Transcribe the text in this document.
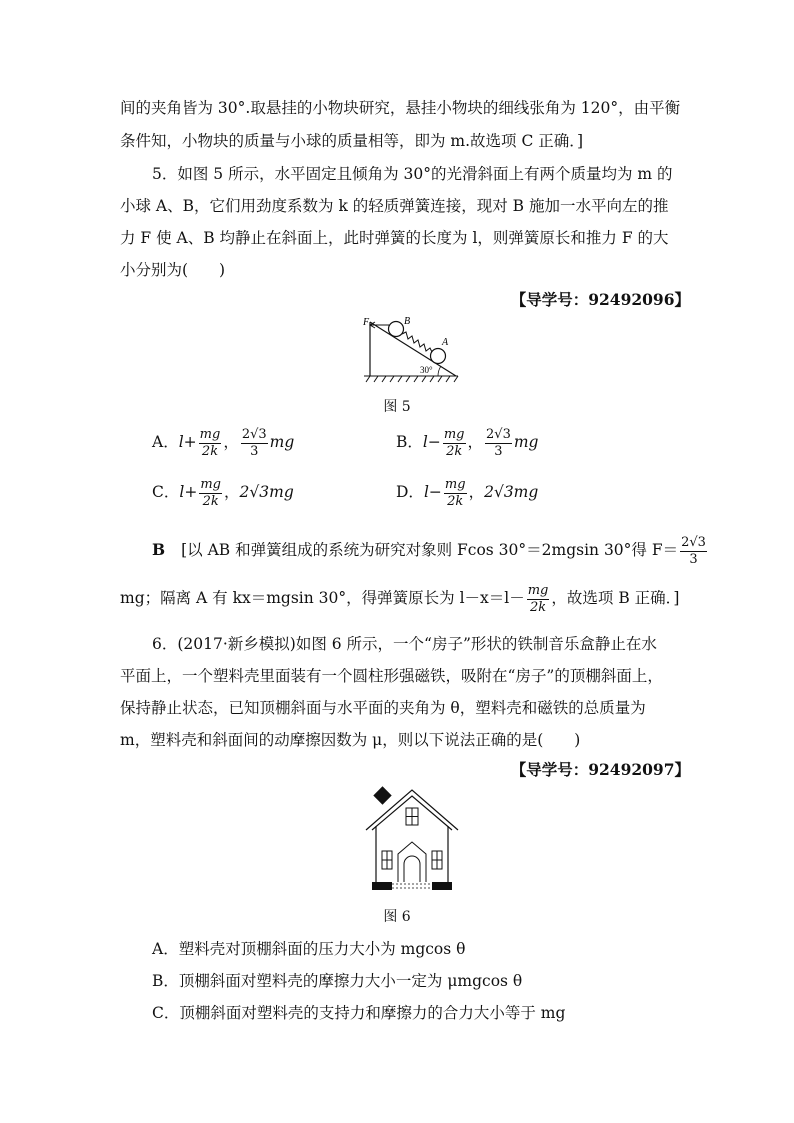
间的夹角皆为 30°.取悬挂的小物块研究，悬挂小物块的细线张角为 120°，由平衡
条件知，小物块的质量与小球的质量相等，即为 m.故选项 C 正确．]
5．如图 5 所示，水平固定且倾角为 30°的光滑斜面上有两个质量均为 m 的
小球 A、B，它们用劲度系数为 k 的轻质弹簧连接，现对 B 施加一水平向左的推
力 F 使 A、B 均静止在斜面上，此时弹簧的长度为 l，则弹簧原长和推力 F 的大
小分别为(　　)
【导学号：92492096】
F	B
A
30°
图 5
A．$l+ \frac{mg}{2k}$ ， $\frac{2√3}{3}$ mg	B．$l- \frac{mg}{2k}$ ， $\frac{2√3}{3}$ mg
C．$l+ \frac{mg}{2k}$ ，2√3mg	D．$l- \frac{mg}{2k}$ ，2√3mg
B [以 AB 和弹簧组成的系统为研究对象则 Fcos 30°＝2mgsin 30°得 $F= \frac{2√3}{3}$
mg；隔离 A 有 kx＝mgsin 30°，得弹簧原长为 $l-x=l- \frac{mg}{2k}$ ，故选项 B 正确．]
6．(2017·新乡模拟)如图 6 所示，一个“房子”形状的铁制音乐盒静止在水
平面上，一个塑料壳里面装有一个圆柱形强磁铁，吸附在“房子”的顶棚斜面上，
保持静止状态，已知顶棚斜面与水平面的夹角为 θ，塑料壳和磁铁的总质量为
m，塑料壳和斜面间的动摩擦因数为 μ，则以下说法正确的是(　　)
【导学号：92492097】
图 6
A．塑料壳对顶棚斜面的压力大小为 mgcos θ
B．顶棚斜面对塑料壳的摩擦力大小一定为 μmgcos θ
C．顶棚斜面对塑料壳的支持力和摩擦力的合力大小等于 mg
